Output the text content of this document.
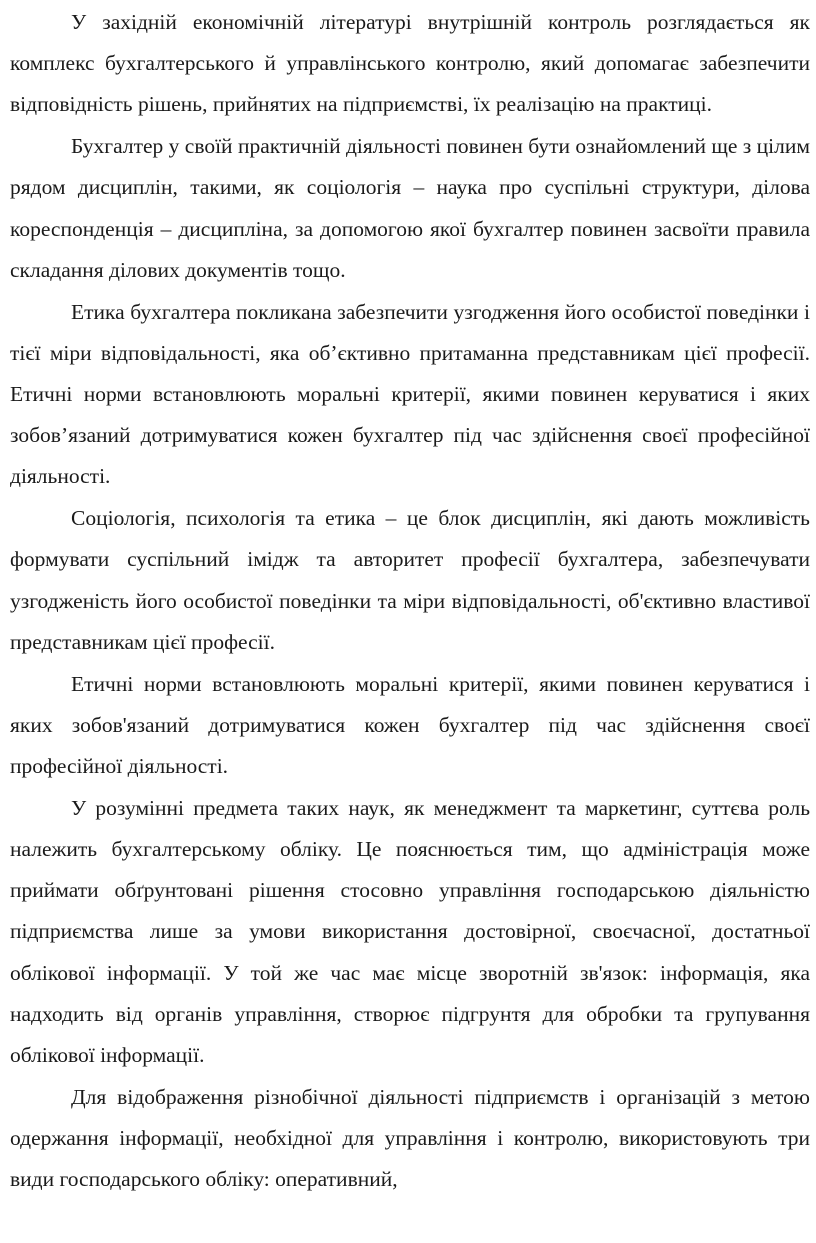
У західній економічній літературі внутрішній контроль розглядається як комплекс бухгалтерського й управлінського контролю, який допомагає забезпечити відповідність рішень, прийнятих на підприємстві, їх реалізацію на практиці.

Бухгалтер у своїй практичній діяльності повинен бути ознайомлений ще з цілим рядом дисциплін, такими, як соціологія – наука про суспільні структури, ділова кореспонденція – дисципліна, за допомогою якої бухгалтер повинен засвоїти правила складання ділових документів тощо.

Етика бухгалтера покликана забезпечити узгодження його особистої поведінки і тієї міри відповідальності, яка об’єктивно притаманна представникам цієї професії. Етичні норми встановлюють моральні критерії, якими повинен керуватися і яких зобов’язаний дотримуватися кожен бухгалтер під час здійснення своєї професійної діяльності.

Соціологія, психологія та етика – це блок дисциплін, які дають можливість формувати суспільний імідж та авторитет професії бухгалтера, забезпечувати узгодженість його особистої поведінки та міри відповідальності, об'єктивно властивої представникам цієї професії.

Етичні норми встановлюють моральні критерії, якими повинен керуватися і яких зобов'язаний дотримуватися кожен бухгалтер під час здійснення своєї професійної діяльності.

У розумінні предмета таких наук, як менеджмент та маркетинг, суттєва роль належить бухгалтерському обліку. Це пояснюється тим, що адміністрація може приймати обґрунтовані рішення стосовно управління господарською діяльністю підприємства лише за умови використання достовірної, своєчасної, достатньої облікової інформації. У той же час має місце зворотній зв'язок: інформація, яка надходить від органів управління, створює підгрунтя для обробки та групування облікової інформації.

Для відображення різнобічної діяльності підприємств і організацій з метою одержання інформації, необхідної для управління і контролю, використовують три види господарського обліку: оперативний,
